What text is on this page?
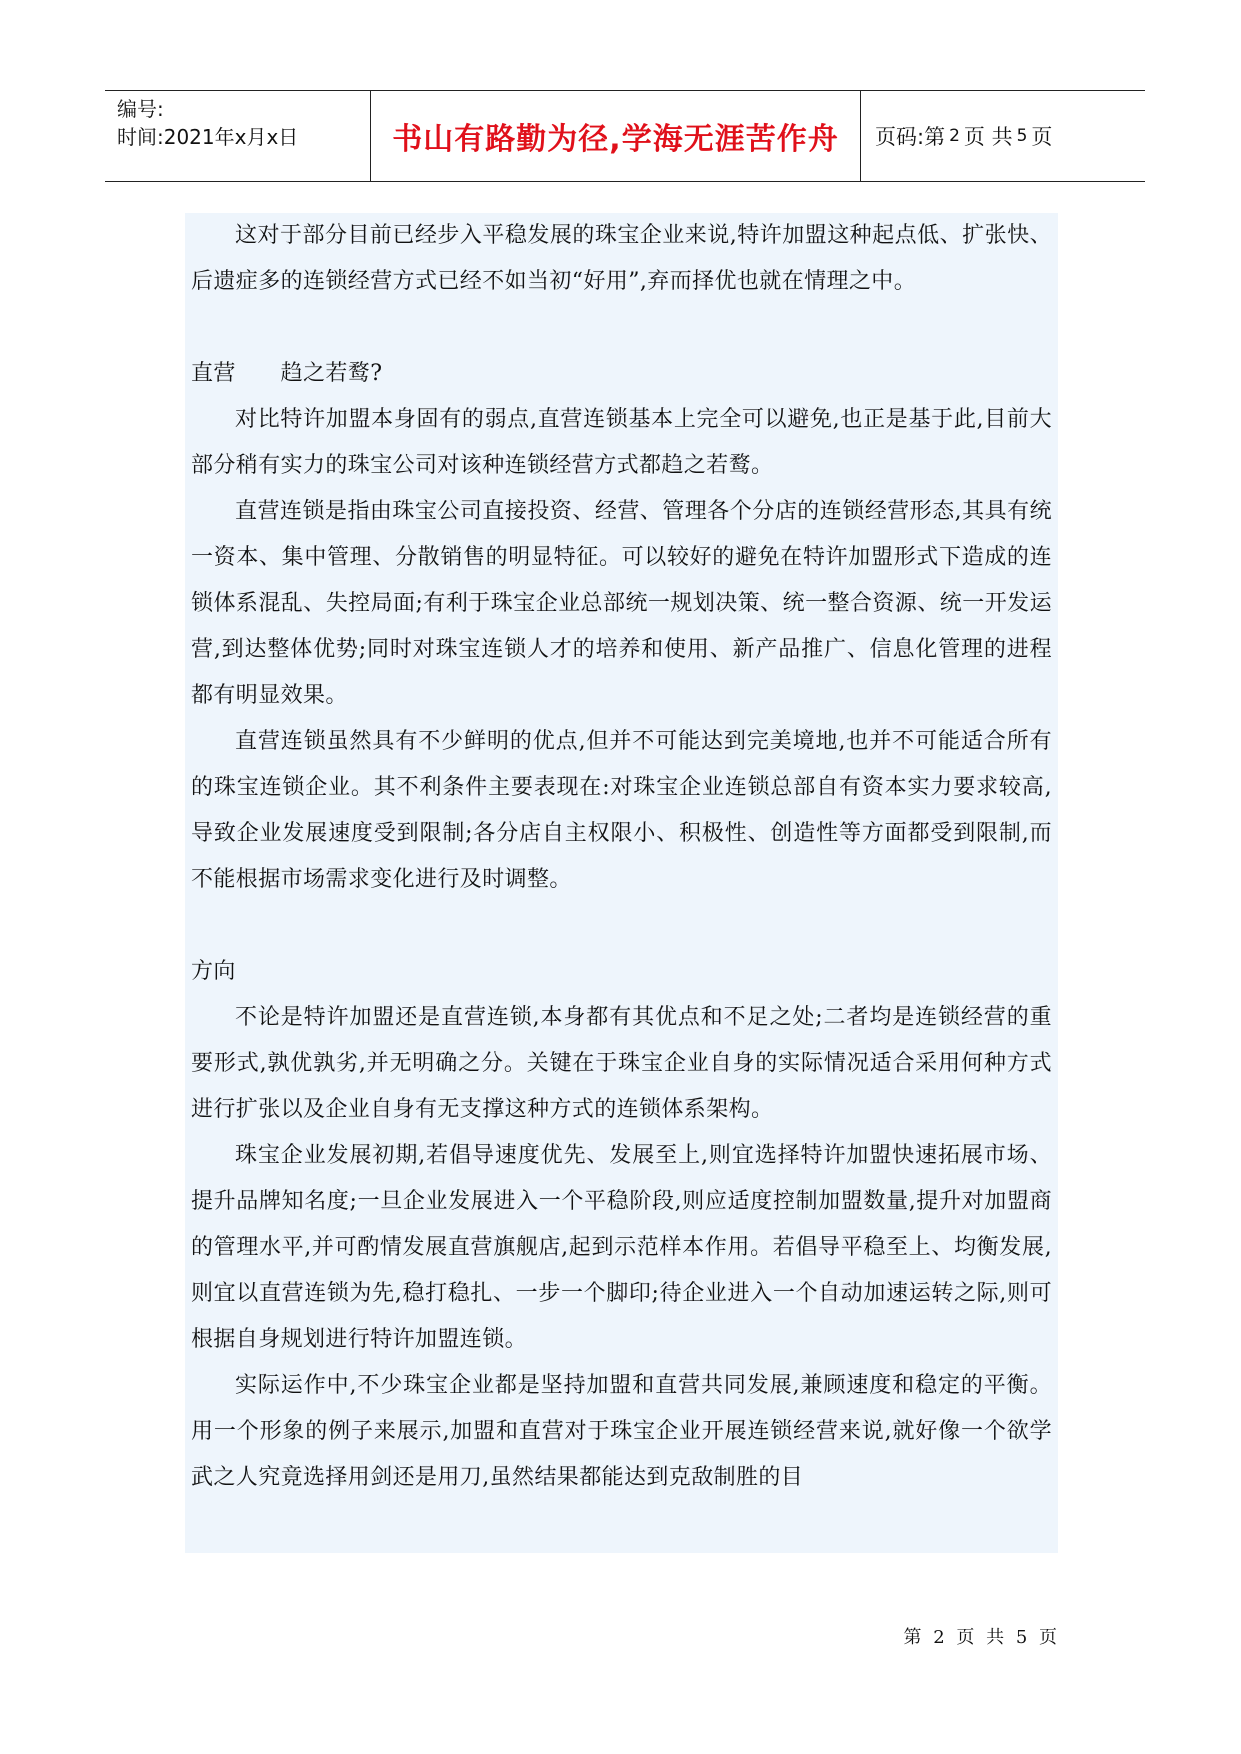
编号:
时间:2021年x月x日	书山有路勤为径,学海无涯苦作舟	页码:第 2 页 共 5 页

这对于部分目前已经步入平稳发展的珠宝企业来说,特许加盟这种起点低、扩张快、后遗症多的连锁经营方式已经不如当初“好用”,弃而择优也就在情理之中。

直营　　趋之若鹜?

对比特许加盟本身固有的弱点,直营连锁基本上完全可以避免,也正是基于此,目前大部分稍有实力的珠宝公司对该种连锁经营方式都趋之若鹜。

直营连锁是指由珠宝公司直接投资、经营、管理各个分店的连锁经营形态,其具有统一资本、集中管理、分散销售的明显特征。可以较好的避免在特许加盟形式下造成的连锁体系混乱、失控局面;有利于珠宝企业总部统一规划决策、统一整合资源、统一开发运营,到达整体优势;同时对珠宝连锁人才的培养和使用、新产品推广、信息化管理的进程都有明显效果。

直营连锁虽然具有不少鲜明的优点,但并不可能达到完美境地,也并不可能适合所有的珠宝连锁企业。其不利条件主要表现在:对珠宝企业连锁总部自有资本实力要求较高,导致企业发展速度受到限制;各分店自主权限小、积极性、创造性等方面都受到限制,而不能根据市场需求变化进行及时调整。

方向

不论是特许加盟还是直营连锁,本身都有其优点和不足之处;二者均是连锁经营的重要形式,孰优孰劣,并无明确之分。关键在于珠宝企业自身的实际情况适合采用何种方式进行扩张以及企业自身有无支撑这种方式的连锁体系架构。

珠宝企业发展初期,若倡导速度优先、发展至上,则宜选择特许加盟快速拓展市场、提升品牌知名度;一旦企业发展进入一个平稳阶段,则应适度控制加盟数量,提升对加盟商的管理水平,并可酌情发展直营旗舰店,起到示范样本作用。若倡导平稳至上、均衡发展,则宜以直营连锁为先,稳打稳扎、一步一个脚印;待企业进入一个自动加速运转之际,则可根据自身规划进行特许加盟连锁。

实际运作中,不少珠宝企业都是坚持加盟和直营共同发展,兼顾速度和稳定的平衡。用一个形象的例子来展示,加盟和直营对于珠宝企业开展连锁经营来说,就好像一个欲学武之人究竟选择用剑还是用刀,虽然结果都能达到克敌制胜的目

第 2 页 共 5 页
